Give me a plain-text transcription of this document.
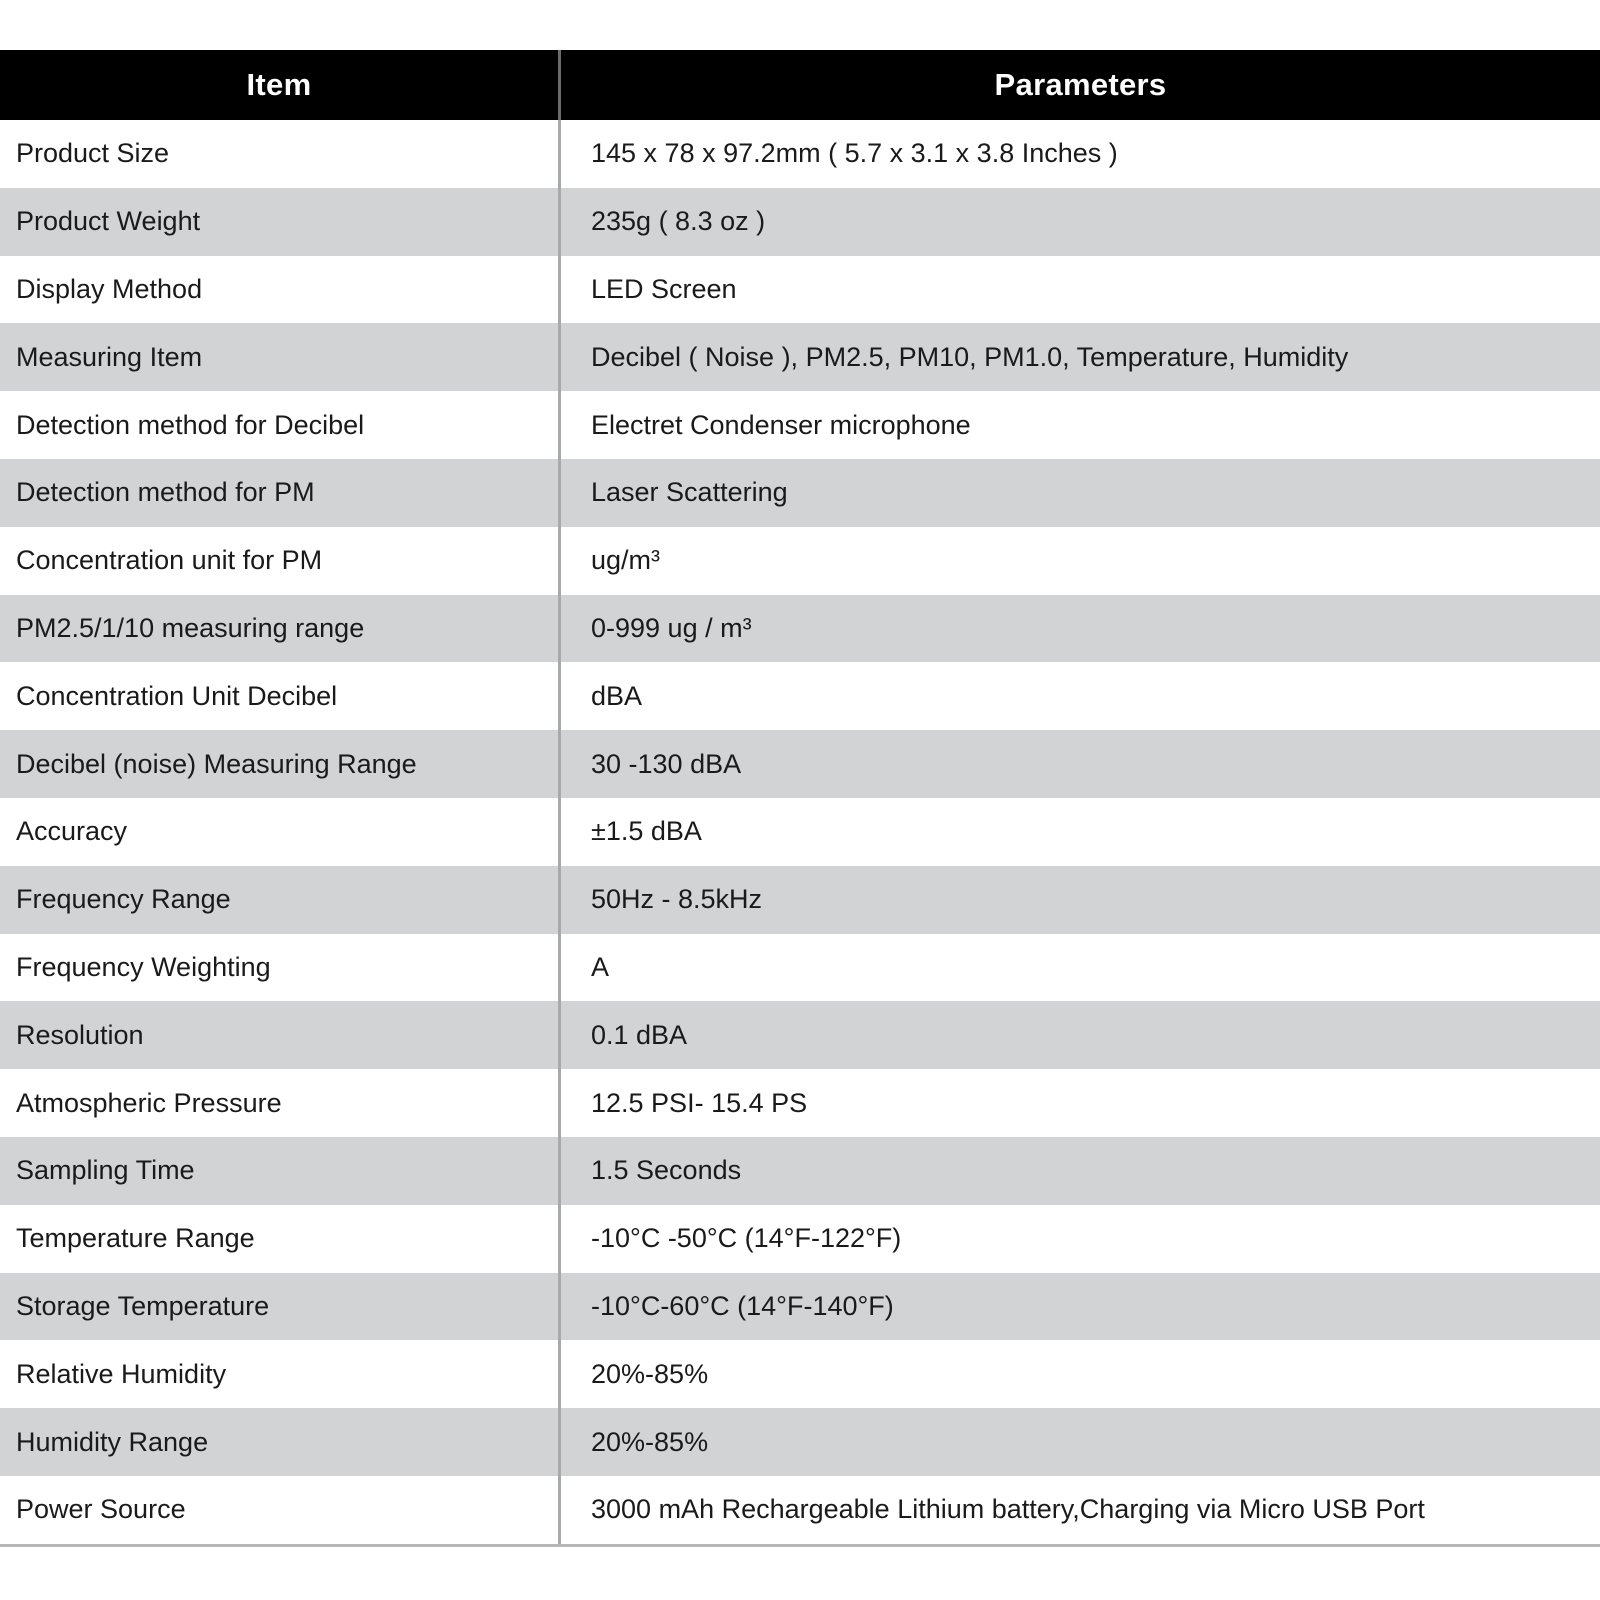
Item	Parameters
Product Size	145 x 78 x 97.2mm ( 5.7 x 3.1 x 3.8 Inches )
Product Weight	235g ( 8.3 oz )
Display Method	LED Screen
Measuring Item	Decibel ( Noise ), PM2.5, PM10, PM1.0, Temperature, Humidity
Detection method for Decibel	Electret Condenser microphone
Detection method for PM	Laser Scattering
Concentration unit for PM	ug/m³
PM2.5/1/10 measuring range	0-999 ug / m³
Concentration Unit Decibel	dBA
Decibel (noise) Measuring Range	30 -130 dBA
Accuracy	±1.5 dBA
Frequency Range	50Hz - 8.5kHz
Frequency Weighting	A
Resolution	0.1 dBA
Atmospheric Pressure	12.5 PSI- 15.4 PS
Sampling Time	1.5 Seconds
Temperature Range	-10°C -50°C (14°F-122°F)
Storage Temperature	-10°C-60°C (14°F-140°F)
Relative Humidity	20%-85%
Humidity Range	20%-85%
Power Source	3000 mAh Rechargeable Lithium battery,Charging via Micro USB Port
